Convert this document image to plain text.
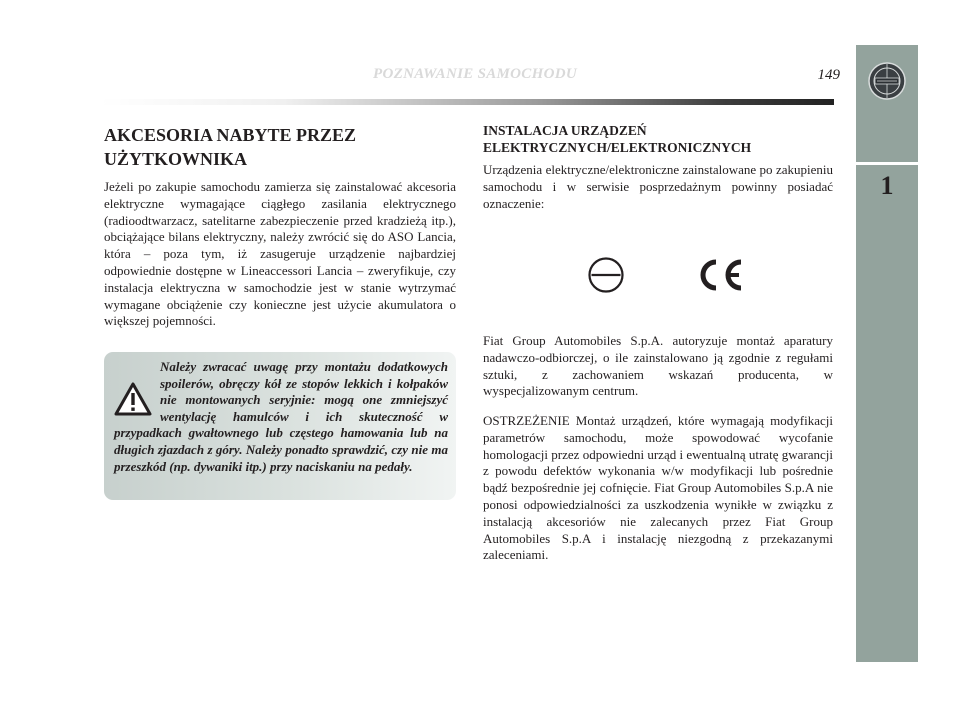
POZNAWANIE SAMOCHODU	149
1
AKCESORIA NABYTE PRZEZ
UŻYTKOWNIKA

Jeżeli po zakupie samochodu zamierza się zainstalować akcesoria elektryczne wymagające ciągłego zasilania elektrycznego (radioodtwarzacz, satelitarne zabezpieczenie przed kradzieżą itp.), obciążające bilans elektryczny, należy zwrócić się do ASO Lancia, która – poza tym, iż zasugeruje urządzenie najbardziej odpowiednie dostępne w Lineaccessori Lancia – zweryfikuje, czy instalacja elektryczna w samochodzie jest w stanie wytrzymać wymagane obciążenie czy konieczne jest użycie akumulatora o większej pojemności.

Należy zwracać uwagę przy montażu dodatkowych spoilerów, obręczy kół ze stopów lekkich i kołpaków nie montowanych seryjnie: mogą one zmniejszyć wentylację hamulców i ich skuteczność w przypadkach gwałtownego lub częstego hamowania lub na długich zjazdach z góry. Należy ponadto sprawdzić, czy nie ma przeszkód (np. dywaniki itp.) przy naciskaniu na pedały.

INSTALACJA URZĄDZEŃ
ELEKTRYCZNYCH/ELEKTRONICZNYCH

Urządzenia elektryczne/elektroniczne zainstalowane po zakupieniu samochodu i w serwisie posprzedażnym powinny posiadać oznaczenie:

Fiat Group Automobiles S.p.A. autoryzuje montaż aparatury nadawczo-odbiorczej, o ile zainstalowano ją zgodnie z regułami sztuki, z zachowaniem wskazań producenta, w wyspecjalizowanym centrum.

OSTRZEŻENIE Montaż urządzeń, które wymagają modyfikacji parametrów samochodu, może spowodować wycofanie homologacji przez odpowiedni urząd i ewentualną utratę gwarancji z powodu defektów wykonania w/w modyfikacji lub pośrednie bądź bezpośrednie jej cofnięcie. Fiat Group Automobiles S.p.A nie ponosi odpowiedzialności za uszkodzenia wynikłe w związku z instalacją akcesoriów nie zalecanych przez Fiat Group Automobiles S.p.A i instalację niezgodną z przekazanymi zaleceniami.
